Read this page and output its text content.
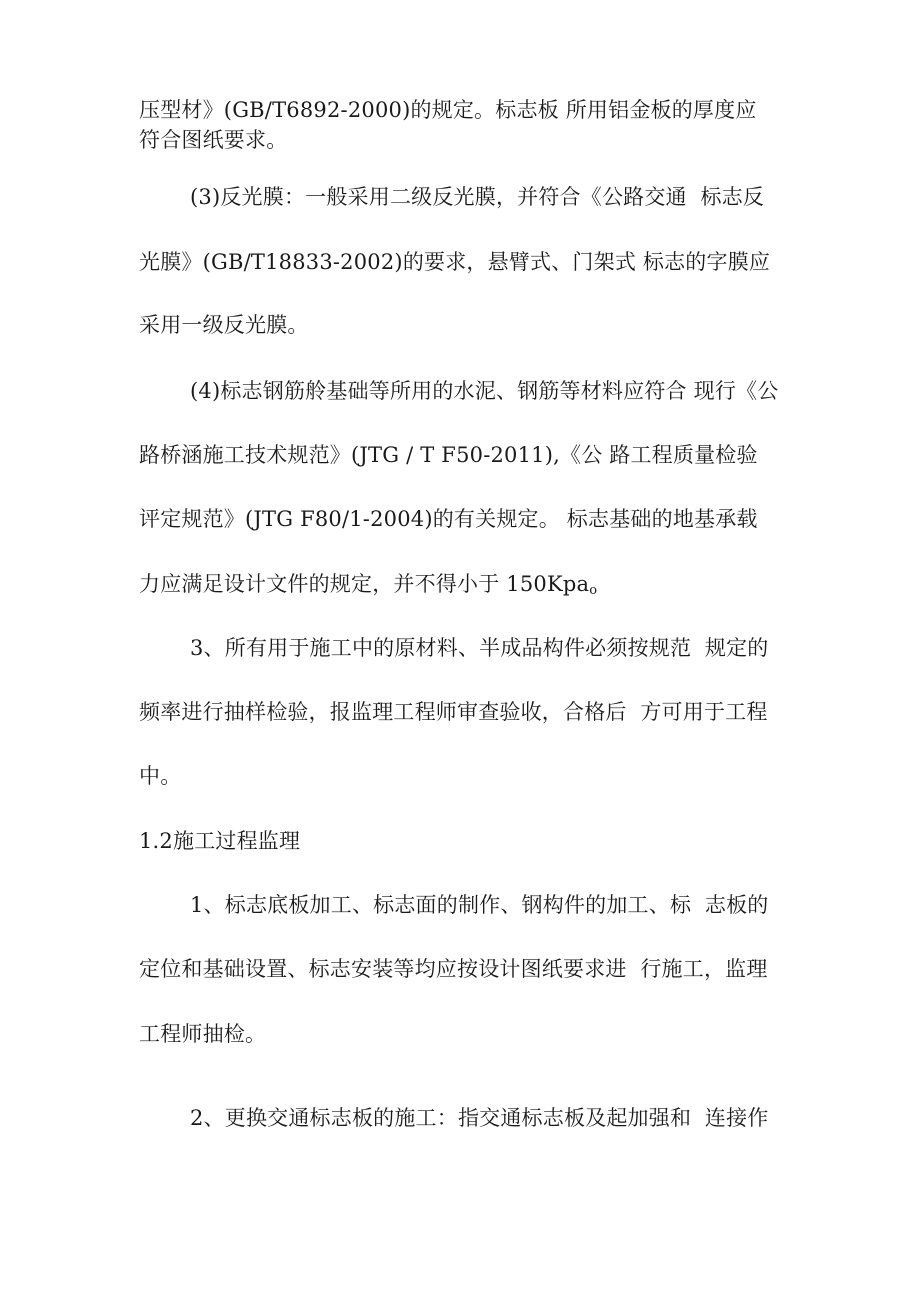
压型材》(GB/T6892-2000)的规定。标志板 所用铝金板的厚度应
符合图纸要求。
(3)反光膜：一般采用二级反光膜，并符合《公路交通  标志反
光膜》(GB/T18833-2002)的要求，悬臂式、门架式 标志的字膜应
采用一级反光膜。
(4)标志钢筋舲基础等所用的水泥、钢筋等材料应符合 现行《公
路桥涵施工技术规范》(JTG / T F50-2011),《公 路工程质量检验
评定规范》(JTG F80/1-2004)的有关规定。 标志基础的地基承载
力应满足设计文件的规定，并不得小于 150Kpa$_o$
3、所有用于施工中的原材料、半成品构件必须按规范  规定的
频率进行抽样检验，报监理工程师审查验收，合格后  方可用于工程
中。
1.2施工过程监理
1、标志底板加工、标志面的制作、钢构件的加工、标  志板的
定位和基础设置、标志安装等均应按设计图纸要求进  行施工，监理
工程师抽检。
2、更换交通标志板的施工：指交通标志板及起加强和  连接作
